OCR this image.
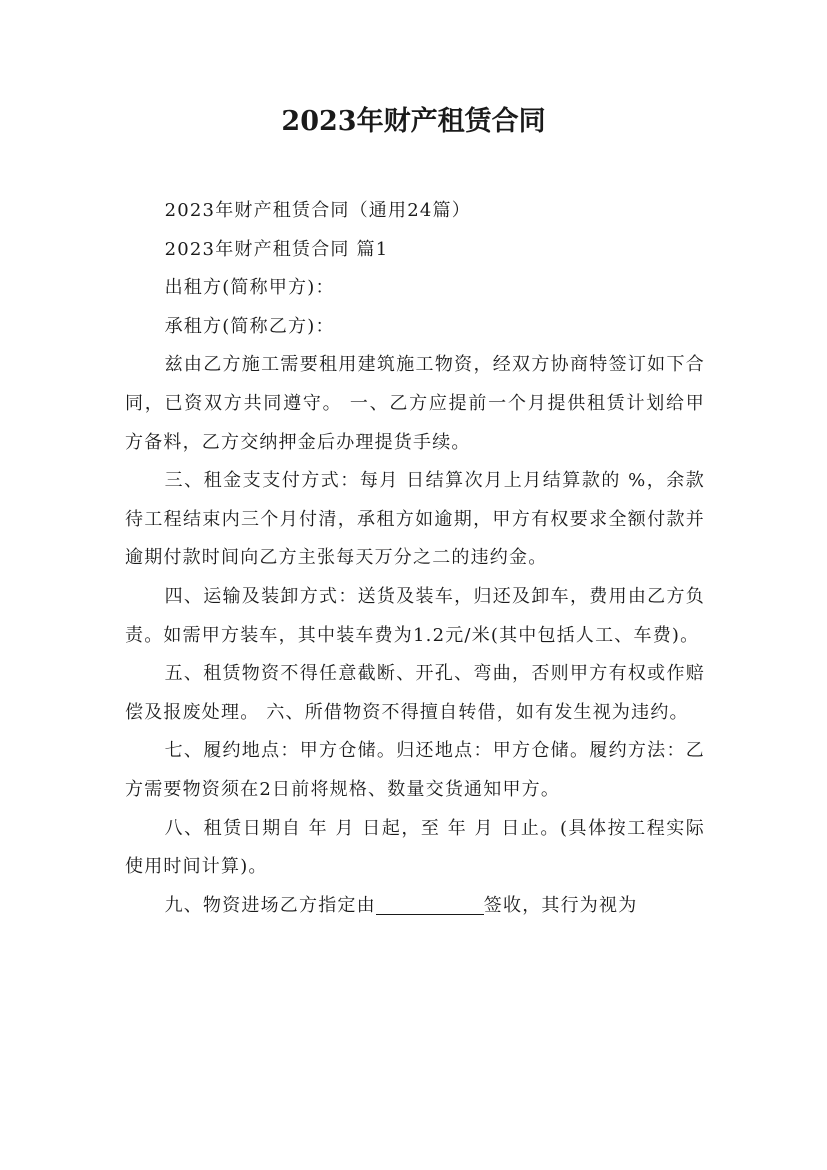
2023年财产租赁合同

2023年财产租赁合同（通用24篇）

2023年财产租赁合同 篇1

出租方(简称甲方)：

承租方(简称乙方)：

兹由乙方施工需要租用建筑施工物资，经双方协商特签订如下合同，已资双方共同遵守。 一、乙方应提前一个月提供租赁计划给甲方备料，乙方交纳押金后办理提货手续。

三、租金支支付方式：每月 日结算次月上月结算款的 %，余款待工程结束内三个月付清，承租方如逾期，甲方有权要求全额付款并逾期付款时间向乙方主张每天万分之二的违约金。

四、运输及装卸方式：送货及装车，归还及卸车，费用由乙方负责。如需甲方装车，其中装车费为1.2元/米(其中包括人工、车费)。

五、租赁物资不得任意截断、开孔、弯曲，否则甲方有权或作赔偿及报废处理。 六、所借物资不得擅自转借，如有发生视为违约。

七、履约地点：甲方仓储。归还地点：甲方仓储。履约方法：乙方需要物资须在2日前将规格、数量交货通知甲方。

八、租赁日期自 年 月 日起，至 年 月 日止。(具体按工程实际使用时间计算)。

九、物资进场乙方指定由	签收，其行为视为
